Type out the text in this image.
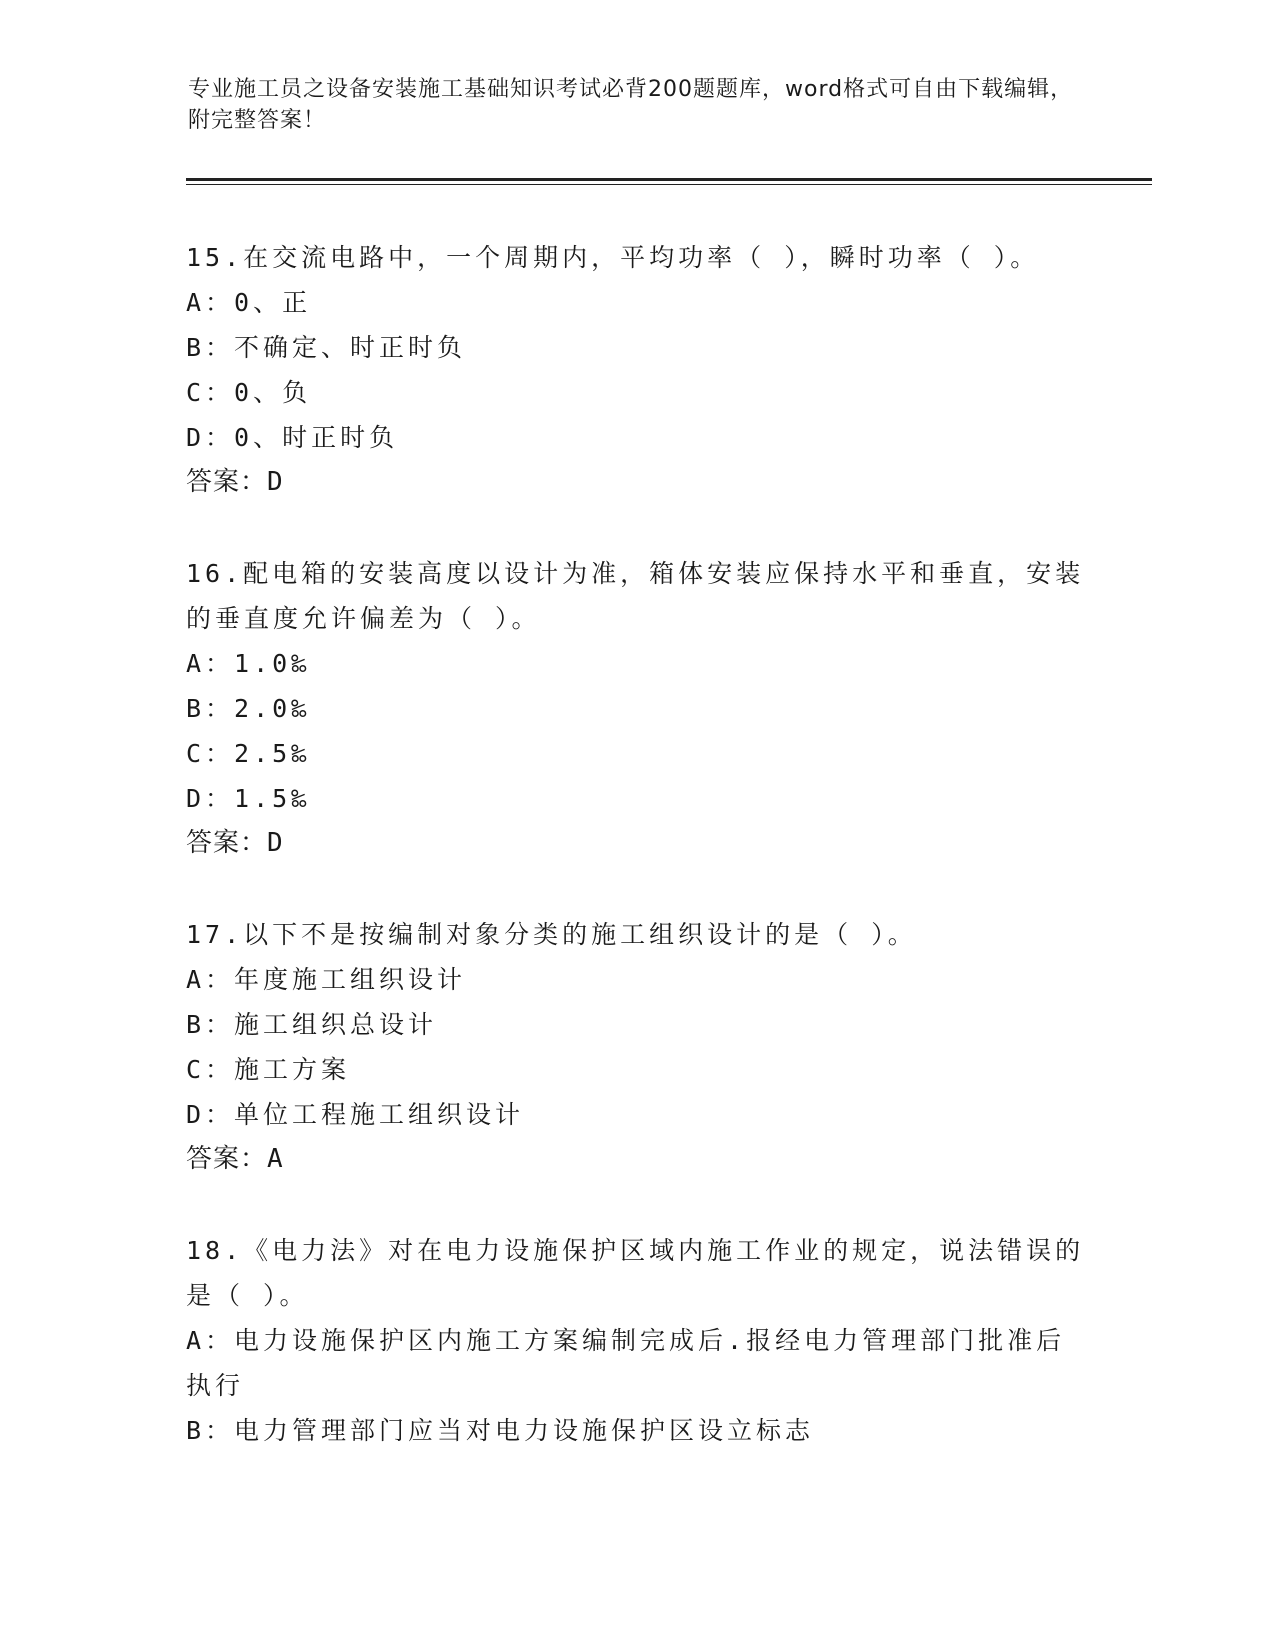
专业施工员之设备安装施工基础知识考试必背200题题库，word格式可自由下载编辑，附完整答案！

15.在交流电路中，一个周期内，平均功率（ ），瞬时功率（ ）。

A：0、正

B：不确定、时正时负

C：0、负

D：0、时正时负

答案：D

16.配电箱的安装高度以设计为准，箱体安装应保持水平和垂直，安装的垂直度允许偏差为（ ）。

A：1.0‰

B：2.0‰

C：2.5‰

D：1.5‰

答案：D

17.以下不是按编制对象分类的施工组织设计的是（ ）。

A：年度施工组织设计

B：施工组织总设计

C：施工方案

D：单位工程施工组织设计

答案：A

18.《电力法》对在电力设施保护区域内施工作业的规定，说法错误的是（ ）。

A：电力设施保护区内施工方案编制完成后.报经电力管理部门批准后执行

B：电力管理部门应当对电力设施保护区设立标志
